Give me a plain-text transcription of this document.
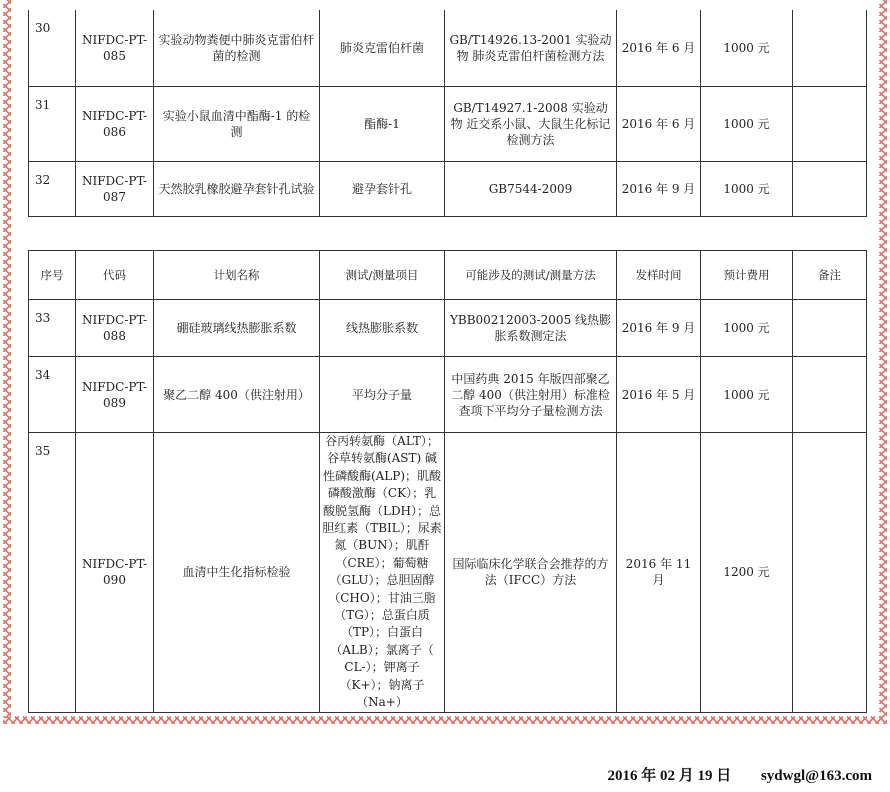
30	NIFDC-PT-085	实验动物粪便中肺炎克雷伯杆菌的检测	肺炎克雷伯杆菌	GB/T14926.13-2001 实验动物 肺炎克雷伯杆菌检测方法	2016 年 6 月	1000 元	
31	NIFDC-PT-086	实验小鼠血清中酯酶-1 的检测	酯酶-1	GB/T14927.1-2008 实验动物 近交系小鼠、大鼠生化标记检测方法	2016 年 6 月	1000 元	
32	NIFDC-PT-087	天然胶乳橡胶避孕套针孔试验	避孕套针孔	GB7544-2009	2016 年 9 月	1000 元	
序号	代码	计划名称	测试/测量项目	可能涉及的测试/测量方法	发样时间	预计费用	备注
33	NIFDC-PT-088	硼硅玻璃线热膨胀系数	线热膨胀系数	YBB00212003-2005 线热膨胀系数测定法	2016 年 9 月	1000 元	
34	NIFDC-PT-089	聚乙二醇 400（供注射用）	平均分子量	中国药典 2015 年版四部聚乙二醇 400（供注射用）标准检查项下平均分子量检测方法	2016 年 5 月	1000 元	
35	NIFDC-PT-090	血清中生化指标检验	谷丙转氨酶（ALT）；谷草转氨酶(AST) 碱性磷酸酶(ALP)；肌酸磷酸激酶（CK）；乳酸脱氢酶（LDH）；总胆红素（TBIL）；尿素氮（BUN）；肌酐（CRE）；葡萄糖（GLU）；总胆固醇（CHO）；甘油三脂（TG）；总蛋白质（TP）；白蛋白（ALB）；氯离子（ CL-）；钾离子（K+）；钠离子（Na+）	国际临床化学联合会推荐的方法（IFCC）方法	2016 年 11 月	1200 元	
2016 年 02 月 19 日 sydwgl@163.com
